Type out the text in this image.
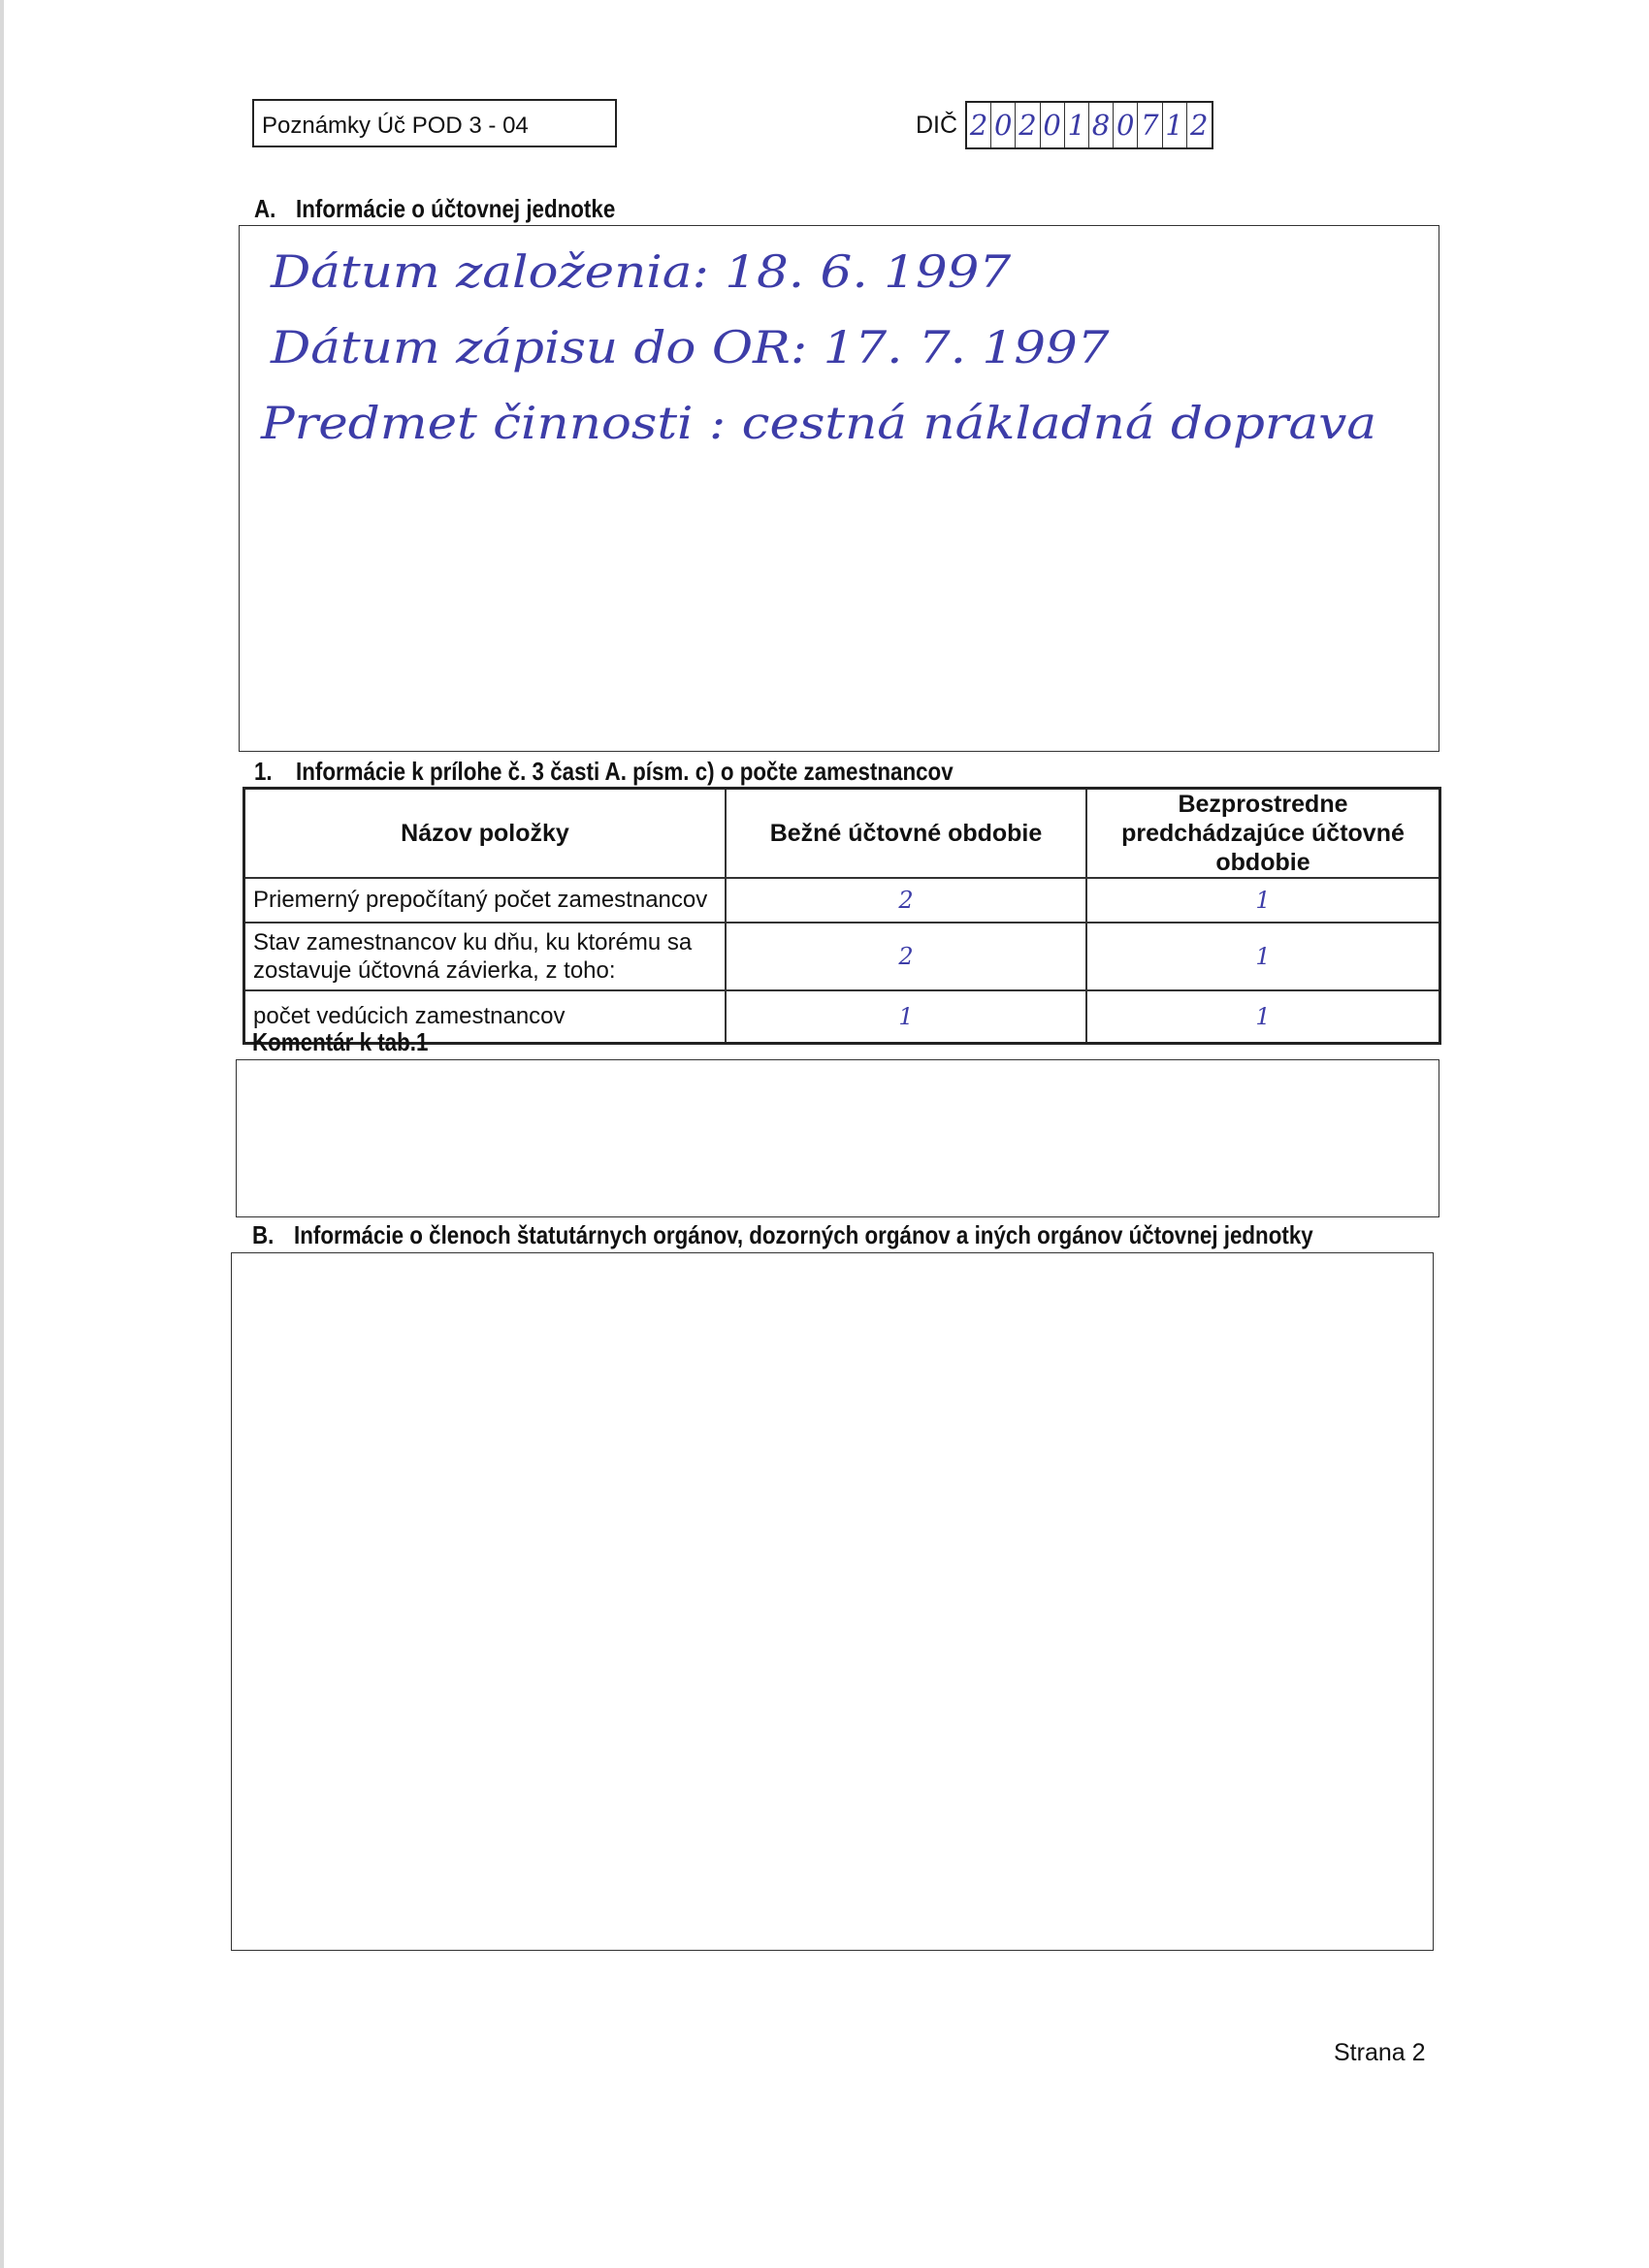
Poznámky Úč POD 3 - 04	DIČ 2 0 2 0 1 8 0 7 1 2
A. Informácie o účtovnej jednotke
Dátum založenia: 18. 6. 1997
Dátum zápisu do OR: 17. 7. 1997
Predmet činnosti : cestná nákladná doprava
1. Informácie k prílohe č. 3 časti A. písm. c) o počte zamestnancov
Názov položky	Bežné účtovné obdobie	Bezprostredne predchádzajúce účtovné obdobie
Priemerný prepočítaný počet zamestnancov	2	1
Stav zamestnancov ku dňu, ku ktorému sa zostavuje účtovná závierka, z toho:	2	1
počet vedúcich zamestnancov	1	1
Komentár k tab.1
B. Informácie o členoch štatutárnych orgánov, dozorných orgánov a iných orgánov účtovnej jednotky
Strana 2
